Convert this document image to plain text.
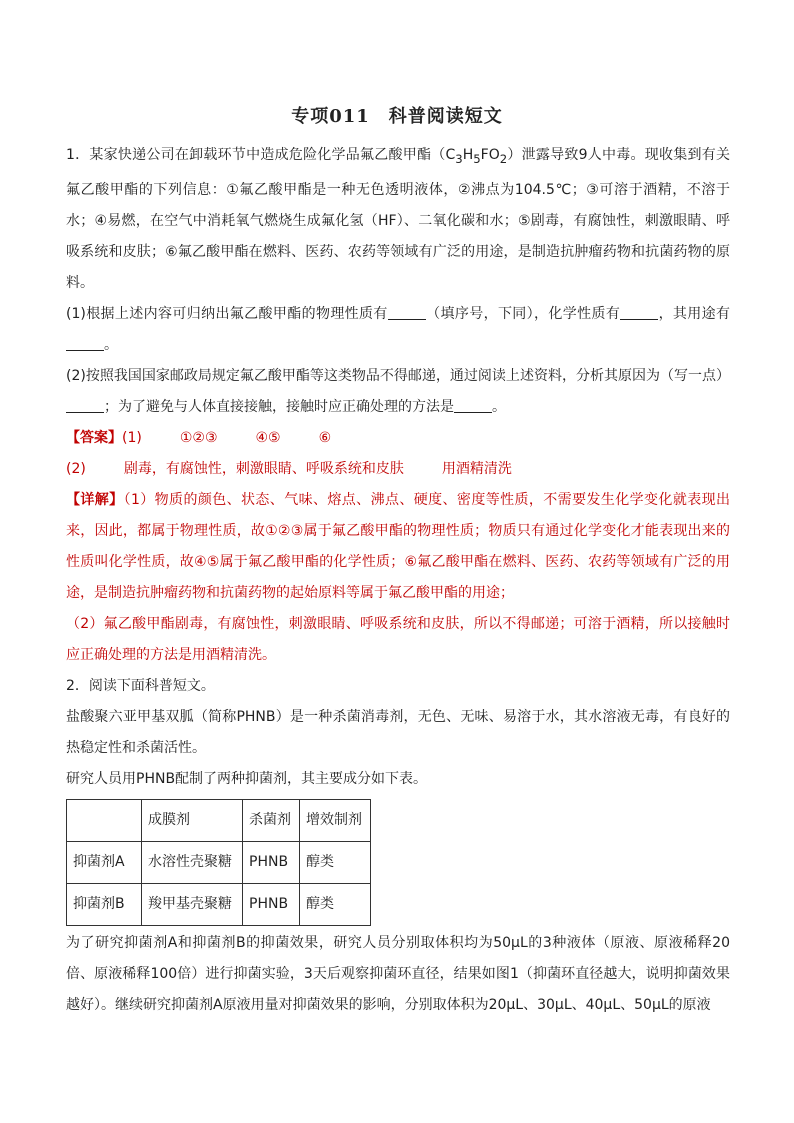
专项011　科普阅读短文

1．某家快递公司在卸载环节中造成危险化学品氟乙酸甲酯$(C_3H_5FO_2)$泄露导致9人中毒。现收集到有关氟乙酸甲酯的下列信息：①氟乙酸甲酯是一种无色透明液体，②沸点为104.5℃；③可溶于酒精，不溶于水；④易燃，在空气中消耗氧气燃烧生成氟化氢（HF）、二氧化碳和水；⑤剧毒，有腐蚀性，刺激眼睛、呼吸系统和皮肤；⑥氟乙酸甲酯在燃料、医药、农药等领域有广泛的用途，是制造抗肿瘤药物和抗菌药物的原料。

(1)根据上述内容可归纳出氟乙酸甲酯的物理性质有	（填序号，下同），化学性质有	，其用途有。

(2)按照我国国家邮政局规定氟乙酸甲酯等这类物品不得邮递，通过阅读上述资料，分析其原因为（写一点）；为了避免与人体直接接触，接触时应正确处理的方法是	。

【答案】(1)	①②③	④⑤	⑥

(2)	剧毒，有腐蚀性，刺激眼睛、呼吸系统和皮肤	用酒精清洗

【详解】（1）物质的颜色、状态、气味、熔点、沸点、硬度、密度等性质，不需要发生化学变化就表现出来，因此，都属于物理性质，故①②③属于氟乙酸甲酯的物理性质；物质只有通过化学变化才能表现出来的性质叫化学性质，故④⑤属于氟乙酸甲酯的化学性质；⑥氟乙酸甲酯在燃料、医药、农药等领域有广泛的用途，是制造抗肿瘤药物和抗菌药物的起始原料等属于氟乙酸甲酯的用途；

（2）氟乙酸甲酯剧毒，有腐蚀性，刺激眼睛、呼吸系统和皮肤，所以不得邮递；可溶于酒精，所以接触时应正确处理的方法是用酒精清洗。

2．阅读下面科普短文。

盐酸聚六亚甲基双胍（简称PHNB）是一种杀菌消毒剂，无色、无味、易溶于水，其水溶液无毒，有良好的热稳定性和杀菌活性。

研究人员用PHNB配制了两种抑菌剂，其主要成分如下表。

	成膜剂	杀菌剂	增效制剂
抑菌剂A	水溶性壳聚糖	PHNB	醇类
抑菌剂B	羧甲基壳聚糖	PHNB	醇类

为了研究抑菌剂A和抑菌剂B的抑菌效果，研究人员分别取体积均为50μL的3种液体（原液、原液稀释20倍、原液稀释100倍）进行抑菌实验，3天后观察抑菌环直径，结果如图1（抑菌环直径越大，说明抑菌效果越好）。继续研究抑菌剂A原液用量对抑菌效果的影响，分别取体积为20μL、30μL、40μL、50μL的原液
